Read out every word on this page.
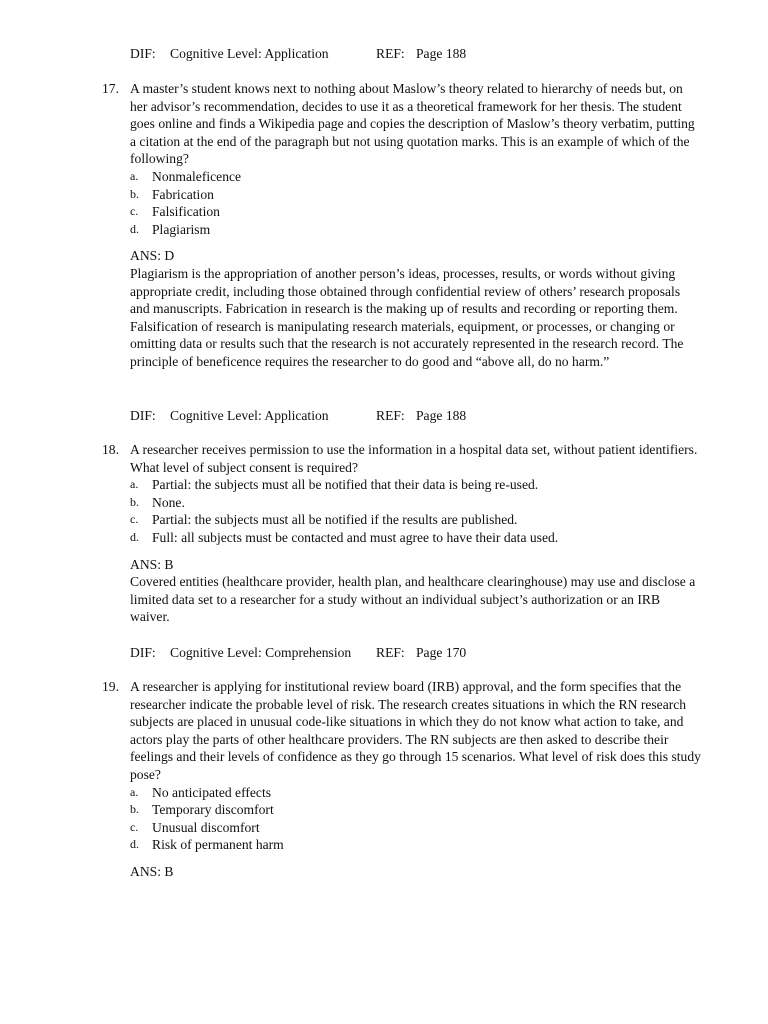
DIF: Cognitive Level: Application	REF: Page 188
17. A master’s student knows next to nothing about Maslow’s theory related to hierarchy of needs but, on her advisor’s recommendation, decides to use it as a theoretical framework for her thesis. The student goes online and finds a Wikipedia page and copies the description of Maslow’s theory verbatim, putting a citation at the end of the paragraph but not using quotation marks. This is an example of which of the following?

a. Nonmaleficence
b. Fabrication
c. Falsification
d. Plagiarism
ANS: D

Plagiarism is the appropriation of another person’s ideas, processes, results, or words without giving appropriate credit, including those obtained through confidential review of others’ research proposals and manuscripts. Fabrication in research is the making up of results and recording or reporting them. Falsification of research is manipulating research materials, equipment, or processes, or changing or omitting data or results such that the research is not accurately represented in the research record. The principle of beneficence requires the researcher to do good and “above all, do no harm.”

DIF: Cognitive Level: Application	REF: Page 188
18. A researcher receives permission to use the information in a hospital data set, without patient identifiers. What level of subject consent is required?

a. Partial: the subjects must all be notified that their data is being re-used.
b. None.
c. Partial: the subjects must all be notified if the results are published.
d. Full: all subjects must be contacted and must agree to have their data used.
ANS: B

Covered entities (healthcare provider, health plan, and healthcare clearinghouse) may use and disclose a limited data set to a researcher for a study without an individual subject’s authorization or an IRB waiver.

DIF: Cognitive Level: Comprehension REF: Page 170
19. A researcher is applying for institutional review board (IRB) approval, and the form specifies that the researcher indicate the probable level of risk. The research creates situations in which the RN research subjects are placed in unusual code-like situations in which they do not know what action to take, and actors play the parts of other healthcare providers. The RN subjects are then asked to describe their feelings and their levels of confidence as they go through 15 scenarios. What level of risk does this study pose?

a. No anticipated effects
b. Temporary discomfort
c. Unusual discomfort
d. Risk of permanent harm
ANS: B
